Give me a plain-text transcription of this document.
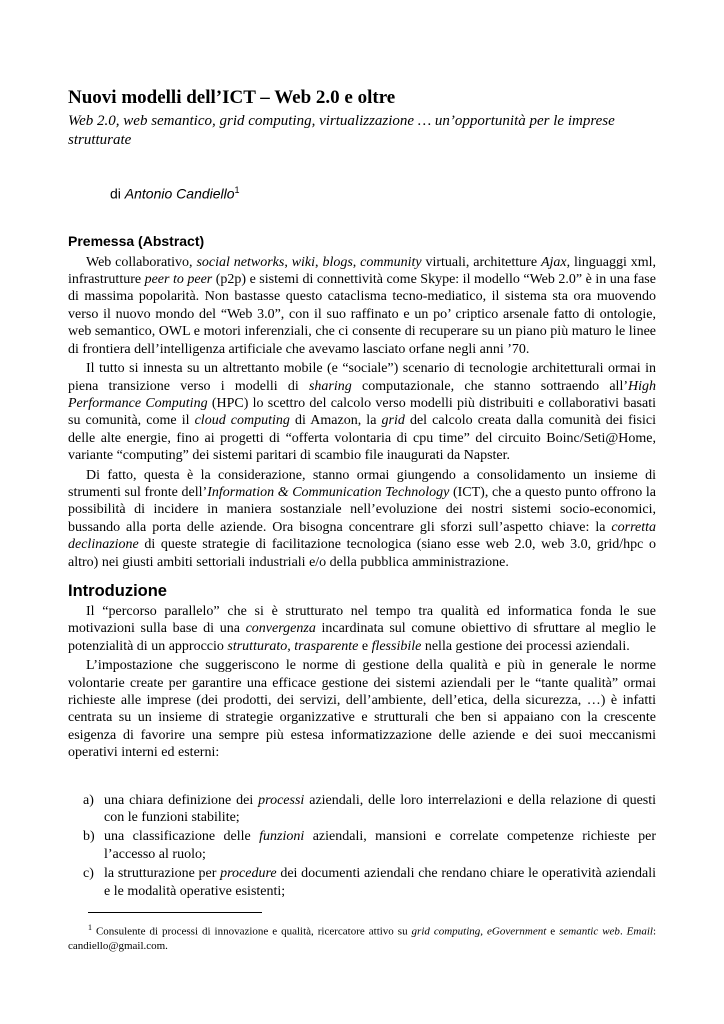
Nuovi modelli dell’ICT – Web 2.0 e oltre
Web 2.0, web semantico, grid computing, virtualizzazione … un’opportunità per le imprese strutturate
di Antonio Candiello$^1$
Premessa (Abstract)

Web collaborativo, social networks, wiki, blogs, community virtuali, architetture Ajax, linguaggi xml, infrastrutture peer to peer (p2p) e sistemi di connettività come Skype: il modello “Web 2.0” è in una fase di massima popolarità. Non bastasse questo cataclisma tecno-mediatico, il sistema sta ora muovendo verso il nuovo mondo del “Web 3.0”, con il suo raffinato e un po’ criptico arsenale fatto di ontologie, web semantico, OWL e motori inferenziali, che ci consente di recuperare su un piano più maturo le linee di frontiera dell’intelligenza artificiale che avevamo lasciato orfane negli anni ’70.

Il tutto si innesta su un altrettanto mobile (e “sociale”) scenario di tecnologie architetturali ormai in piena transizione verso i modelli di sharing computazionale, che stanno sottraendo all’High Performance Computing (HPC) lo scettro del calcolo verso modelli più distribuiti e collaborativi basati su comunità, come il cloud computing di Amazon, la grid del calcolo creata dalla comunità dei fisici delle alte energie, fino ai progetti di “offerta volontaria di cpu time” del circuito Boinc/Seti@Home, variante “computing” dei sistemi paritari di scambio file inaugurati da Napster.

Di fatto, questa è la considerazione, stanno ormai giungendo a consolidamento un insieme di strumenti sul fronte dell’Information & Communication Technology (ICT), che a questo punto offrono la possibilità di incidere in maniera sostanziale nell’evoluzione dei nostri sistemi socio-economici, bussando alla porta delle aziende. Ora bisogna concentrare gli sforzi sull’aspetto chiave: la corretta declinazione di queste strategie di facilitazione tecnologica (siano esse web 2.0, web 3.0, grid/hpc o altro) nei giusti ambiti settoriali industriali e/o della pubblica amministrazione.

Introduzione

Il “percorso parallelo” che si è strutturato nel tempo tra qualità ed informatica fonda le sue motivazioni sulla base di una convergenza incardinata sul comune obiettivo di sfruttare al meglio le potenzialità di un approccio strutturato, trasparente e flessibile nella gestione dei processi aziendali.

L’impostazione che suggeriscono le norme di gestione della qualità e più in generale le norme volontarie create per garantire una efficace gestione dei sistemi aziendali per le “tante qualità” ormai richieste alle imprese (dei prodotti, dei servizi, dell’ambiente, dell’etica, della sicurezza, …) è infatti centrata su un insieme di strategie organizzative e strutturali che ben si appaiano con la crescente esigenza di favorire una sempre più estesa informatizzazione delle aziende e dei suoi meccanismi operativi interni ed esterni:

a) una chiara definizione dei processi aziendali, delle loro interrelazioni e della relazione di questi con le funzioni stabilite;
b) una classificazione delle funzioni aziendali, mansioni e correlate competenze richieste per l’accesso al ruolo;
c) la strutturazione per procedure dei documenti aziendali che rendano chiare le operatività aziendali e le modalità operative esistenti;
$^1$ Consulente di processi di innovazione e qualità, ricercatore attivo su grid computing, eGovernment e semantic web. Email: candiello@gmail.com.
